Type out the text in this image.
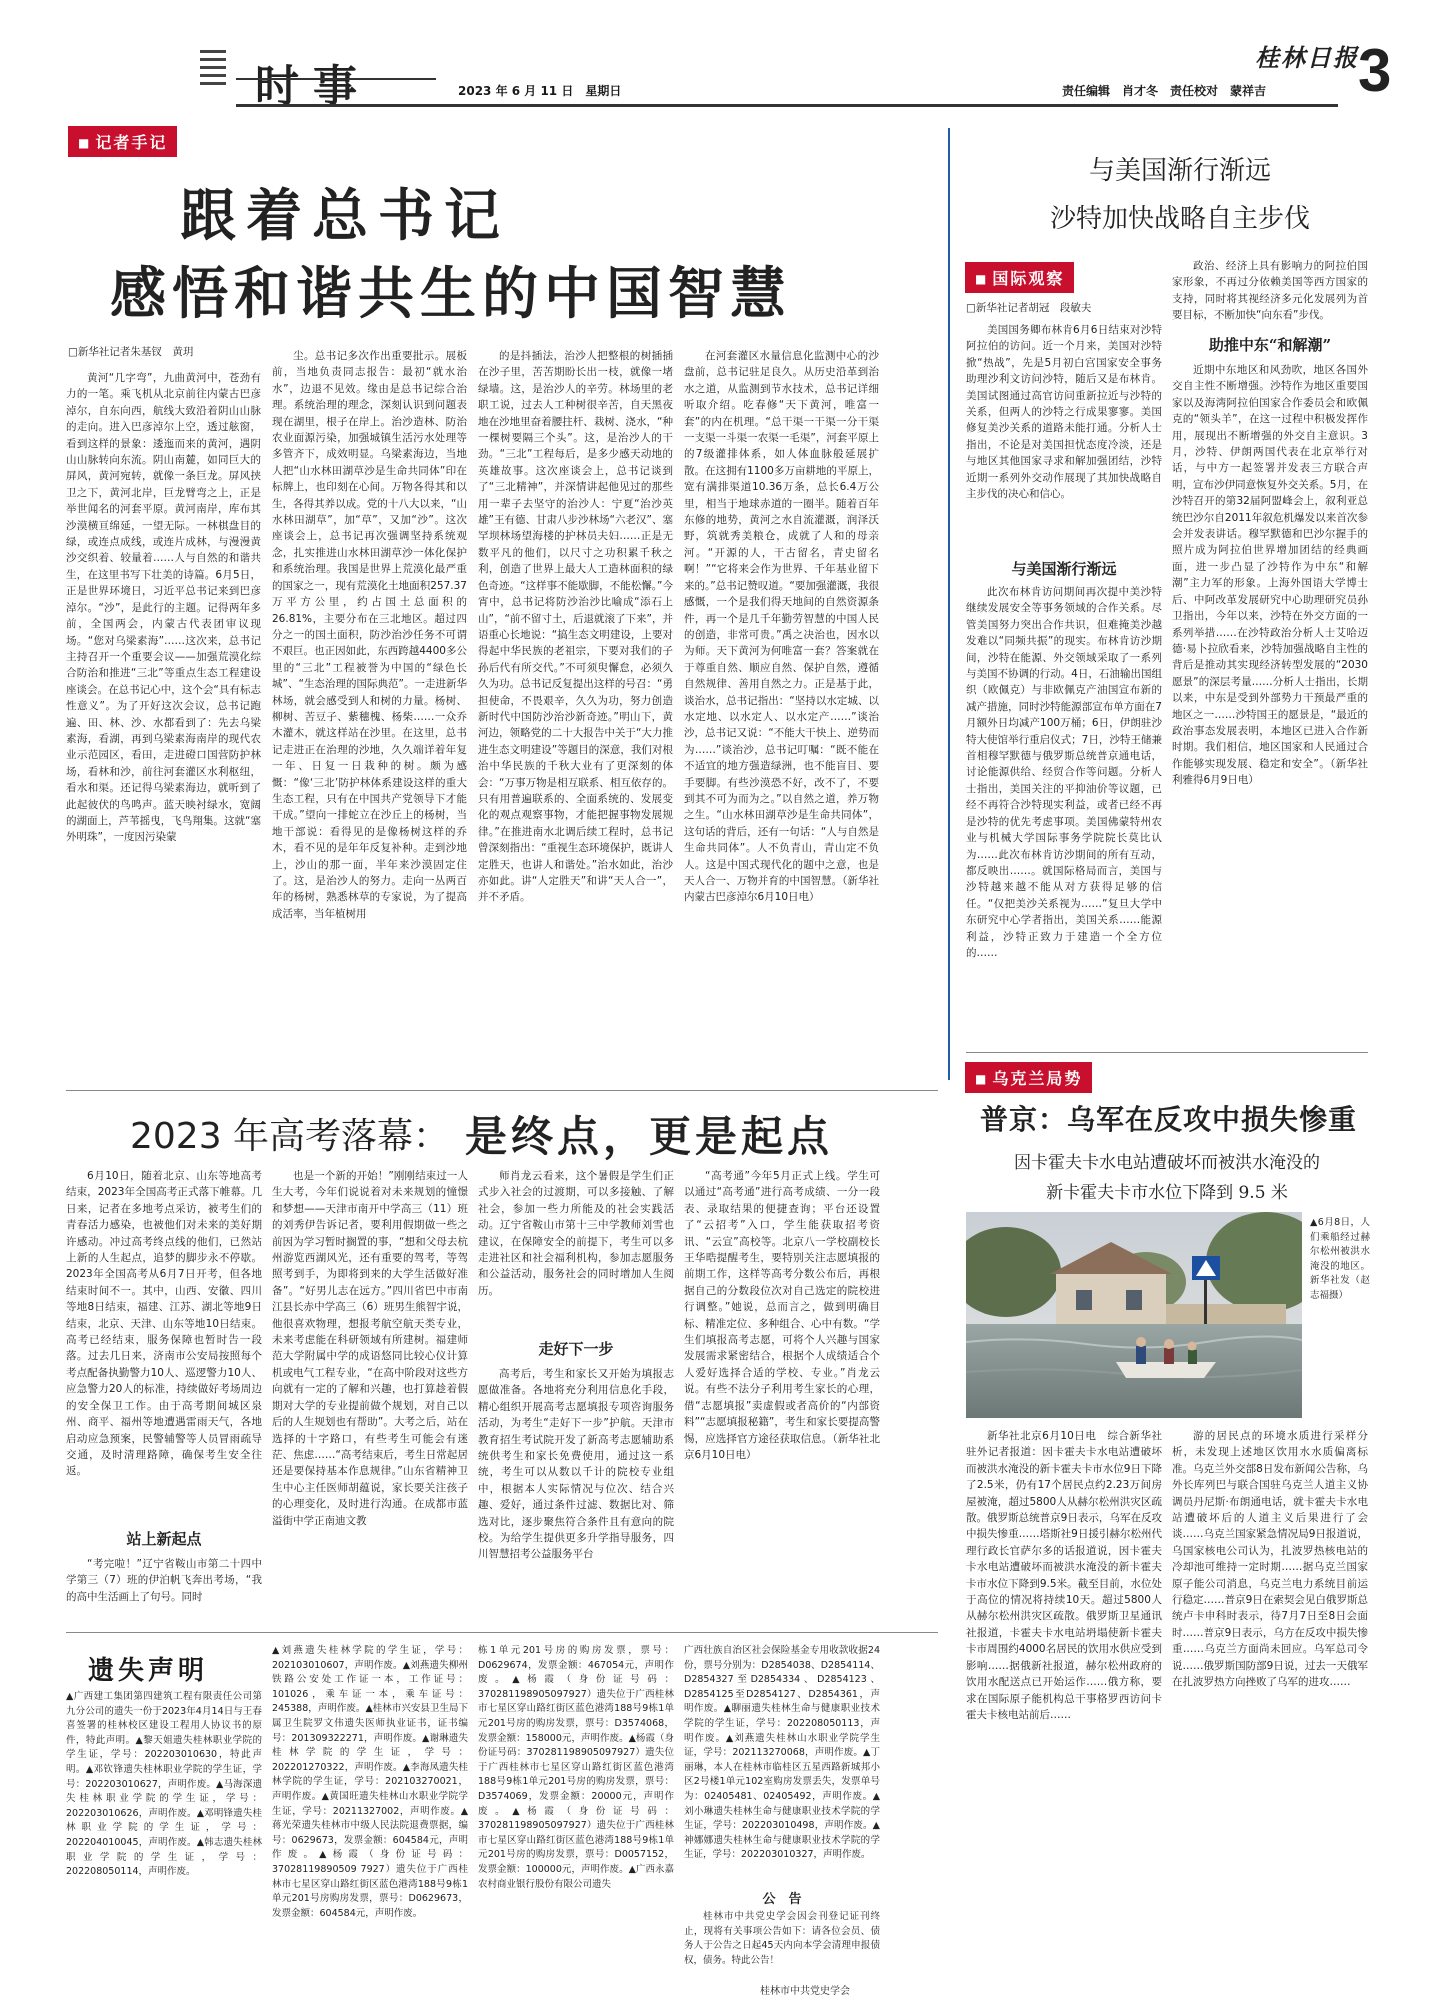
时事	2023 年 6 月 11 日　星期日
桂林日报 3
责任编辑　肖才冬　责任校对　蒙祥吉
■ 记者手记
跟着总书记
感悟和谐共生的中国智慧
□新华社记者朱基钗　黄玥
黄河“几字弯”，九曲黄河中，苍劲有力的一笔。乘飞机从北京前往内蒙古巴彦淖尔，自东向西，航线大致沿着阴山山脉的走向。进入巴彦淖尔上空，透过舷窗，看到这样的景象：逶迤而来的黄河，遇阴山山脉转向东流。阴山南麓，如同巨大的屏风，黄河宛转，就像一条巨龙。屏风挟卫之下，黄河北岸，巨龙臂弯之上，正是举世闻名的河套平原。黄河南岸，库布其沙漠横亘绵延，一望无际。一林棋盘目的绿，或连点成线，或连片成林，与漫漫黄沙交织着、较量着……人与自然的和谐共生，在这里书写下壮美的诗篇。6月5日，正是世界环境日，习近平总书记来到巴彦淖尔。“沙”，是此行的主题。记得两年多前，全国两会，内蒙古代表团审议现场。“您对乌梁素海”……这次来，总书记主持召开一个重要会议——加强荒漠化综合防治和推进“三北”等重点生态工程建设座谈会。在总书记心中，这个会“具有标志性意义”。为了开好这次会议，总书记跑遍、田、林、沙、水都看到了：先去乌梁素海，看湖，再到乌梁素海南岸的现代农业示范园区，看田，走进磴口国营防护林场，看林和沙，前往河套灌区水利枢纽，看水和渠。还记得乌梁素海边，就听到了此起彼伏的鸟鸣声。蓝天映衬绿水，宽阔的湖面上，芦苇摇曳，飞鸟翔集。这就“塞外明珠”，一度因污染蒙
尘。总书记多次作出重要批示。展板前，当地负责同志报告：最初“就水治水”，边退不见效。缘由是总书记综合治理。系统治理的理念，深刻认识到问题表现在湖里，根子在岸上。治沙造林、防治农业面源污染，加强城镇生活污水处理等多管齐下，成效明显。乌梁素海边，当地人把“山水林田湖草沙是生命共同体”印在标牌上，也印刻在心间。万物各得其和以生，各得其养以成。党的十八大以来，“山水林田湖草”，加“草”，又加“沙”。这次座谈会上，总书记再次强调坚持系统观念，扎实推进山水林田湖草沙一体化保护和系统治理。我国是世界上荒漠化最严重的国家之一，现有荒漠化土地面积257.37万平方公里，约占国土总面积的26.81%，主要分布在三北地区。超过四分之一的国土面积，防沙治沙任务不可谓不艰巨。也正因如此，东西跨越4400多公里的“三北”工程被誉为中国的“绿色长城”、“生态治理的国际典范”。一走进新华林场，就会感受到人和树的力量。杨树、柳树、苦豆子、紫穗槐、杨柴……一众乔木灌木，就这样站在沙里。在这里，总书记走进正在治理的沙地，久久端详着年复一年、日复一日栽种的树。颇为感慨：“像‘三北’防护林体系建设这样的重大生态工程，只有在中国共产党领导下才能干成。”望向一排蛇立在沙丘上的杨树，当地干部说：看得见的是像杨树这样的乔木，看不见的是年年反复补种。走到沙地上，沙山的那一面，半年来沙漠固定住了。这，是治沙人的努力。走向一丛两百年的杨树，熟悉林草的专家说，为了提高成活率，当年植树用
的是抖插法，治沙人把整根的树插插在沙子里，苦苦期盼长出一枝，就像一堵绿墙。这，是治沙人的辛劳。林场里的老职工说，过去人工种树很辛苦，自天黑夜地在沙地里奋着腰拄杆、栽树、浇水，“种一棵树要隔三个头”。这，是治沙人的干劲。“三北”工程每后，是多少感天动地的英雄故事。这次座谈会上，总书记谈到了“三北精神”，并深情讲起他见过的那些用一辈子去坚守的治沙人：宁夏“治沙英雄”王有德、甘肃八步沙林场“六老汉”、塞罕坝林场望海楼的护林员夫妇……正是无数平凡的他们，以尺寸之功积累千秋之利，创造了世界上最大人工造林面积的绿色奇迹。“这样事不能歇脚，不能松懈。”今宵中，总书记将防沙治沙比喻成“添石上山”，“前不留寸土，后退就滚了下来”，并语重心长地说：“搞生态文明建设，上要对得起中华民族的老祖宗，下要对我们的子孙后代有所交代。”不可须臾懈怠，必须久久为功。总书记反复提出这样的号召：“勇担使命，不畏艰辛，久久为功，努力创造新时代中国防沙治沙新奇迹。”明山下，黄河边，领略党的二十大报告中关于“大力推进生态文明建设”等题目的深意，我们对根治中华民族的千秋大业有了更深刻的体会：“万事万物是相互联系、相互依存的。只有用普遍联系的、全面系统的、发展变化的观点观察事物，才能把握事物发展规律。”在推进南水北调后续工程时，总书记曾深刻指出：“重视生态环境保护，既讲人定胜天，也讲人和谐处。”治水如此，治沙亦如此。讲“人定胜天”和讲“天人合一”，并不矛盾。
在河套灌区水量信息化监测中心的沙盘前，总书记驻足良久。从历史沿革到治水之道，从监测到节水技术，总书记详细听取介绍。吃春修“天下黄河，唯富一套”的内在机理。“总干渠一干渠一分干渠一支渠一斗渠一农渠一毛渠”，河套平原上的7级灌排体系，如人体血脉般延展扩散。在这拥有1100多万亩耕地的平原上，宽有满排渠道10.36万条，总长6.4万公里，相当于地球赤道的一圈半。随着百年东修的地势，黄河之水自流灌溉，润泽沃野，筑就秀美粮仓，成就了人和的母亲河。“开源的人，干古留名，青史留名啊！”“它将来会作为世界、千年基业留下来的。”总书记赞叹道。“要加强灌溉，我很感慨，一个是我们得天地间的自然资源条件，再一个是几千年勤劳智慧的中国人民的创造，非常可贵。”禹之决治也，因水以为师。天下黄河为何唯富一套？答案就在于尊重自然、顺应自然、保护自然，遵循自然规律、善用自然之力。正是基于此，谈治水，总书记指出：“坚持以水定城、以水定地、以水定人、以水定产……”谈治沙，总书记又说：“不能大干快上、逆势而为……”谈治沙，总书记叮嘱：“既不能在不适宜的地方强造绿洲，也不能盲目、要手要脚。有些沙漠恐不好，改不了，不要到其不可为而为之。”以自然之道，养万物之生。“山水林田湖草沙是生命共同体”，这句话的背后，还有一句话：“人与自然是生命共同体”。人不负青山，青山定不负人。这是中国式现代化的题中之意，也是天人合一、万物并育的中国智慧。（新华社内蒙古巴彦淖尔6月10日电）
2023 年高考落幕： 是终点，更是起点
6月10日，随着北京、山东等地高考结束，2023年全国高考正式落下帷幕。几日来，记者在多地考点采访，被考生们的青春活力感染，也被他们对未来的美好期许感动。冲过高考终点线的他们，已然站上新的人生起点，追梦的脚步永不停歇。2023年全国高考从6月7日开考，但各地结束时间不一。其中，山西、安徽、四川等地8日结束，福建、江苏、湖北等地9日结束，北京、天津、山东等地10日结束。高考已经结束，服务保障也暂时告一段落。过去几日来，济南市公安局按照每个考点配备执勤警力10人、巡逻警力10人、应急警力20人的标准，持续做好考场周边的安全保卫工作。由于高考期间城区泉州、商平、福州等地遭遇雷雨天气，各地启动应急预案，民警辅警等人员冒雨疏导交通，及时清理路障，确保考生安全往返。
站上新起点
“考完啦！”辽宁省鞍山市第二十四中学第三（7）班的伊泊帆飞奔出考场，“我的高中生活画上了句号。同时
也是一个新的开始！”刚刚结束过一人生大考，今年们说说着对未来规划的憧憬和梦想——天津市南开中学高三（11）班的刘秀伊告诉记者，要利用假期做一些之前因为学习暂时搁置的事，“想和父母去杭州游览西湖风光，还有重要的驾考，等驾照考到手，为即将到来的大学生活做好准备”。“好男儿志在远方。”四川省巴中市南江县长赤中学高三（6）班男生熊智宇说，他很喜欢物理，想报考航空航天类专业，未来考虑能在科研领域有所建树。福建师范大学附属中学的成语悠同比较心仪计算机或电气工程专业，“在高中阶段对这些方向就有一定的了解和兴趣，也打算趁着假期对大学的专业提前做个规划，对自己以后的人生规划也有帮助”。大考之后，站在选择的十字路口，有些考生可能会有迷茫、焦虑……“高考结束后，考生日常起居还是要保持基本作息规律。”山东省精神卫生中心主任医师胡蕴说，家长要关注孩子的心理变化，及时进行沟通。在成都市蓝溢街中学正南迪文教
师肖龙云看来，这个暑假是学生们正式步入社会的过渡期，可以多接触、了解社会，参加一些力所能及的社会实践活动。辽宁省鞍山市第十三中学教师刘雪也建议，在保障安全的前提下，考生可以多走进社区和社会福利机构，参加志愿服务和公益活动，服务社会的同时增加人生阅历。
走好下一步
高考后，考生和家长又开始为填报志愿做准备。各地将充分利用信息化手段，精心组织开展高考志愿填报专项咨询服务活动，为考生“走好下一步”护航。天津市教育招生考试院开发了新高考志愿辅助系统供考生和家长免费使用，通过这一系统，考生可以从数以千计的院校专业组中，根据本人实际情况与位次、结合兴趣、爱好，通过条件过滤、数据比对、筛选对比，逐步聚焦符合条件且有意向的院校。为给学生提供更多升学指导服务，四川智慧招考公益服务平台
“高考通”今年5月正式上线。学生可以通过“高考通”进行高考成绩、一分一段表、录取结果的便捷查询；平台还设置了“云招考”入口，学生能获取招考资讯、“云宣”高校等。北京八一学校副校长王华晧提醒考生，要特别关注志愿填报的前期工作，这样等高考分数公布后，再根据自己的分数段位次对自己选定的院校进行调整。”她说，总而言之，做到明确目标、精准定位、多种组合、心中有数。“学生们填报高考志愿，可将个人兴趣与国家发展需求紧密结合，根据个人成绩适合个人爱好选择合适的学校、专业。”肖龙云说。有些不法分子利用考生家长的心理，借“志愿填报”卖虚假或者高价的“内部资料”“志愿填报秘籍”，考生和家长要提高警惕，应选择官方途径获取信息。（新华社北京6月10日电）
遗失声明
▲广西建工集团第四建筑工程有限责任公司第九分公司的遗失一份于2023年4月14日与王春喜签署的桂林校区建设工程用人协议书的原件，特此声明。▲黎天姐遗失桂林职业学院的学生证，学号：202203010630，特此声明。▲邓钦锋遗失桂林职业学院的学生证，学号：202203010627，声明作废。▲马海深遗失桂林职业学院的学生证，学号：202203010626，声明作废。▲邓明锋遗失桂林职业学院的学生证，学号：202204010045，声明作废。▲韩志遗失桂林职业学院的学生证，学号：202208050114，声明作废。
▲刘燕遗失桂林学院的学生证，学号：202103010607，声明作废。▲刘燕遗失柳州铁路公安处工作证一本，工作证号：101026，乘车证一本，乘车证号：245388，声明作废。▲桂林市兴安县卫生局下属卫生院罗文伟遗失医师执业证书，证书编号：201309322271，声明作废。▲谢琳遗失桂林学院的学生证，学号：202201270322，声明作废。▲李海凤遗失桂林学院的学生证，学号：202103270021，声明作废。▲黄国旺遗失桂林山水职业学院学生证，学号：20211327002，声明作废。▲蒋光荣遗失桂林市中级人民法院退费票据，编号：0629673，发票金额：604584元，声明作废。▲杨霞（身份证号码：37028119890509 7927）遗失位于广西桂林市七星区穿山路红街区蓝色港湾188号9栋1单元201号房购房发票，票号：D0629673，发票金额：604584元，声明作废。
栋1单元201号房的购房发票，票号：D0629674，发票金额：467054元，声明作废。▲杨霞（身份证号码：370281198905097927）遗失位于广西桂林市七星区穿山路红街区蓝色港湾188号9栋1单元201号房的购房发票，票号：D3574068，发票金额：158000元，声明作废。▲杨霞（身份证号码：370281198905097927）遗失位于广西桂林市七星区穿山路红街区蓝色港湾188号9栋1单元201号房的购房发票，票号：D3574069，发票金额：20000元，声明作废。▲杨霞（身份证号码：370281198905097927）遗失位于广西桂林市七星区穿山路红街区蓝色港湾188号9栋1单元201号房的购房发票，票号：D0057152，发票金额：100000元，声明作废。▲广西永嘉农村商业银行股份有限公司遗失
广西壮族自治区社会保险基金专用收款收据24份，票号分别为：D2854038、D2854114、D2854327至D2854334、D2854123、D2854125至D2854127、D2854361，声明作废。▲聊丽遗失桂林生命与健康职业技术学院的学生证，学号：202208050113，声明作废。▲刘燕遗失桂林山水职业学院学生证，学号：202113270068，声明作废。▲丁丽琳，本人在桂林市临桂区五星西路新城邦小区2号楼1单元102室购房发票丢失，发票单号为：02405481、02405492，声明作废。▲刘小琳遗失桂林生命与健康职业技术学院的学生证，学号：202203010498，声明作废。▲神娜娜遗失桂林生命与健康职业技术学院的学生证，学号：202203010327，声明作废。
公　告
桂林市中共党史学会因会刊登记证刊终止，现将有关事项公告如下：请各位会员、债务人于公告之日起45天内向本学会清理申报债权，债务。特此公告！
桂林市中共党史学会
与美国渐行渐远
沙特加快战略自主步伐
■ 国际观察
□新华社记者胡冠　段敏夫
美国国务卿布林肯6月6日结束对沙特阿拉伯的访问。近一个月来，美国对沙特掀“热战”，先是5月初白宫国家安全事务助理沙利文访问沙特，随后又是布林肯。美国试图通过高官访问重新拉近与沙特的关系，但两人的沙特之行成果寥寥。美国修复美沙关系的道路未能打通。分析人士指出，不论是对美国担忧态度冷淡，还是与地区其他国家寻求和解加强团结，沙特近期一系列外交动作展现了其加快战略自主步伐的决心和信心。
与美国渐行渐远
此次布林肯访问期间再次提中美沙特继续发展安全等事务领域的合作关系。尽管美国努力突出合作共识，但难掩美沙越发难以“同频共振”的现实。布林肯访沙期间，沙特在能源、外交领域采取了一系列与美国不协调的行动。4日，石油输出国组织（欧佩克）与非欧佩克产油国宣布新的减产措施，同时沙特能源部宣布单方面在7月额外日均减产100万桶；6日，伊朗驻沙特大使馆举行重启仪式；7日，沙特王储兼首相穆罕默德与俄罗斯总统普京通电话，讨论能源供给、经贸合作等问题。分析人士指出，美国关注的平抑油价等议题，已经不再符合沙特现实利益，或者已经不再是沙特的优先考虑事项。美国佛蒙特州农业与机械大学国际事务学院院长莫比认为……此次布林肯访沙期间的所有互动，都反映出……。就国际格局而言，美国与沙特越来越不能从对方获得足够的信任。“仅把美沙关系视为……”复旦大学中东研究中心学者指出，美国关系……能源利益，沙特正致力于建造一个全方位的……
政治、经济上具有影响力的阿拉伯国家形象，不再过分依赖美国等西方国家的支持，同时将其视经济多元化发展列为首要目标，不断加快“向东看”步伐。
助推中东“和解潮”
近期中东地区和风劲吹，地区各国外交自主性不断增强。沙特作为地区重要国家以及海湾阿拉伯国家合作委员会和欧佩克的“领头羊”，在这一过程中积极发挥作用，展现出不断增强的外交自主意识。3月，沙特、伊朗两国代表在北京举行对话，与中方一起签署并发表三方联合声明，宣布沙伊同意恢复外交关系。5月，在沙特召开的第32届阿盟峰会上，叙利亚总统巴沙尔自2011年叙危机爆发以来首次参会并发表讲话。穆罕默德和巴沙尔握手的照片成为阿拉伯世界增加团结的经典画面，进一步凸显了沙特作为中东“和解潮”主力军的形象。上海外国语大学博士后、中阿改革发展研究中心助理研究员孙卫指出，今年以来，沙特在外交方面的一系列举措……在沙特政治分析人士艾哈迈德·易卜拉欣看来，沙特加强战略自主性的背后是推动其实现经济转型发展的“2030愿景”的深层考量……分析人士指出，长期以来，中东是受到外部势力干预最严重的地区之一……沙特国王的愿景是，“最近的政治事态发展表明，本地区已进入合作新时期。我们相信，地区国家和人民通过合作能够实现发展、稳定和安全”。（新华社利雅得6月9日电）
■ 乌克兰局势
普京：乌军在反攻中损失惨重
因卡霍夫卡水电站遭破坏而被洪水淹没的
新卡霍夫卡市水位下降到 9.5 米
▲6月8日，人们乘船经过赫尔松州被洪水淹没的地区。新华社发（赵志福摄）
新华社北京6月10日电　综合新华社驻外记者报道：因卡霍夫卡水电站遭破坏而被洪水淹没的新卡霍夫卡市水位9日下降了2.5米，仍有17个居民点约2.23万间房屋被淹，超过5800人从赫尔松州洪灾区疏散。俄罗斯总统普京9日表示，乌军在反攻中损失惨重……塔斯社9日援引赫尔松州代理行政长官萨尔多的话报道说，因卡霍夫卡水电站遭破坏而被洪水淹没的新卡霍夫卡市水位下降到9.5米。截至目前，水位处于高位的情况将持续10天。超过5800人从赫尔松州洪灾区疏散。俄罗斯卫星通讯社报道，卡霍夫卡水电站坍塌使新卡霍夫卡市周围约4000名居民的饮用水供应受到影响……据俄新社报道，赫尔松州政府的饮用水配送点已开始运作……俄方称，要求在国际原子能机构总干事格罗西访问卡霍夫卡核电站前后……
游的居民点的环境水质进行采样分析，未发现上述地区饮用水水质偏离标准。乌克兰外交部8日发布新闻公告称，乌外长库列巴与联合国驻乌克兰人道主义协调员丹尼斯·布朗通电话，就卡霍夫卡水电站遭破坏后的人道主义后果进行了会谈……乌克兰国家紧急情况局9日报道说，乌国家核电公司认为，扎波罗热核电站的冷却池可维持一定时期……据乌克兰国家原子能公司消息，乌克兰电力系统目前运行稳定……普京9日在索契会见白俄罗斯总统卢卡申科时表示，待7月7日至8日会面时……普京9日表示，乌方在反攻中损失惨重……乌克兰方面尚未回应。乌军总司令说……俄罗斯国防部9日说，过去一天俄军在扎波罗热方向挫败了乌军的进攻……
